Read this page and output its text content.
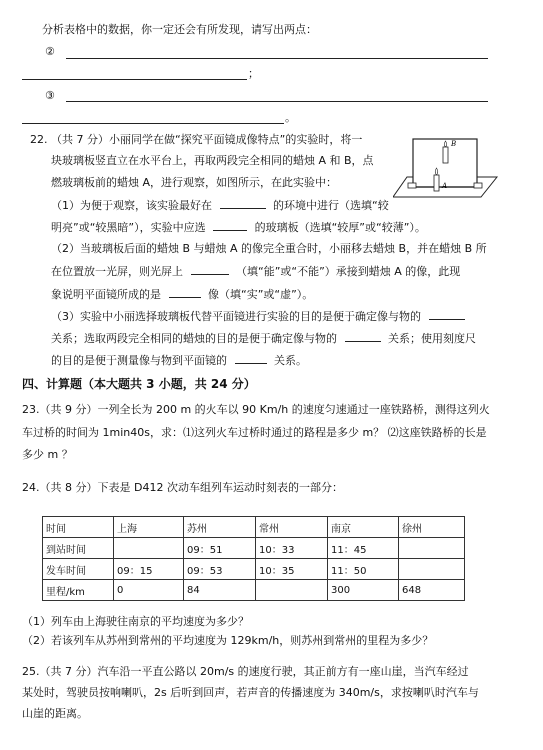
分析表格中的数据，你一定还会有所发现，请写出两点：
②
；
③
。
22. （共 7 分）小丽同学在做“探究平面镜成像特点”的实验时，将一
块玻璃板竖直立在水平台上，再取两段完全相同的蜡烛 A 和 B，点
燃玻璃板前的蜡烛 A，进行观察，如图所示，在此实验中：
（1）为便于观察，该实验最好在	的环境中进行（选填“较
明亮”或“较黑暗”），实验中应选	的玻璃板（选填“较厚”或“较薄”）。
（2）当玻璃板后面的蜡烛 B 与蜡烛 A 的像完全重合时，小丽移去蜡烛 B，并在蜡烛 B 所
在位置放一光屏，则光屏上	（填“能”或“不能”）承接到蜡烛 A 的像，此现
象说明平面镜所成的是	像（填“实”或“虚”）。
（3）实验中小丽选择玻璃板代替平面镜进行实验的目的是便于确定像与物的
关系；选取两段完全相同的蜡烛的目的是便于确定像与物的	关系；使用刻度尺
的目的是便于测量像与物到平面镜的	关系。
B
A
四、计算题（本大题共 3 小题，共 24 分）
23.（共 9 分）一列全长为 200 m 的火车以 90 Km/h 的速度匀速通过一座铁路桥，测得这列火
车过桥的时间为 1min40s，求：⑴这列火车过桥时通过的路程是多少 m？ ⑵这座铁路桥的长是
多少 m ？
24.（共 8 分）下表是 D412 次动车组列车运动时刻表的一部分：
时间	上海	苏州	常州	南京	徐州
到站时间		09：51	10：33	11：45	
发车时间	09：15	09：53	10：35	11：50	
里程/km	0	84		300	648
（1）列车由上海驶往南京的平均速度为多少？
（2）若该列车从苏州到常州的平均速度为 129km/h，则苏州到常州的里程为多少？
25.（共 7 分）汽车沿一平直公路以 20m/s 的速度行驶，其正前方有一座山崖，当汽车经过
某处时，驾驶员按响喇叭，2s 后听到回声，若声音的传播速度为 340m/s，求按喇叭时汽车与
山崖的距离。
